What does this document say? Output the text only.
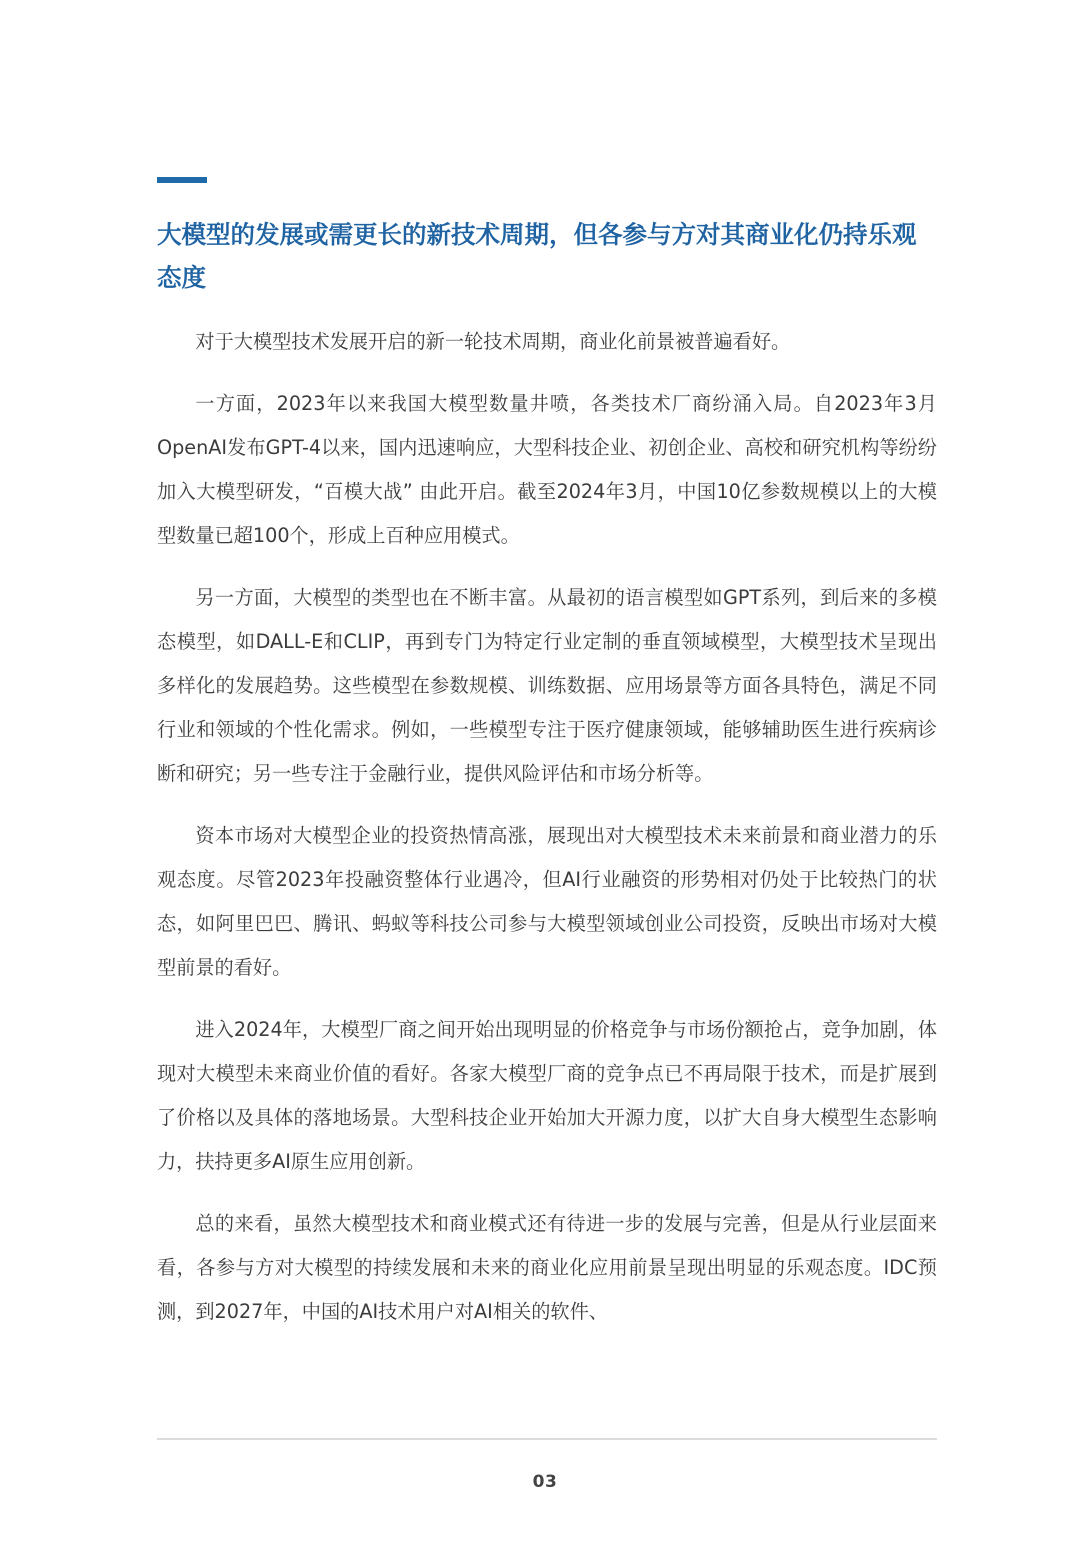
大模型的发展或需更长的新技术周期，但各参与方对其商业化仍持乐观态度

对于大模型技术发展开启的新一轮技术周期，商业化前景被普遍看好。

一方面，2023年以来我国大模型数量井喷，各类技术厂商纷涌入局。自2023年3月OpenAI发布GPT-4以来，国内迅速响应，大型科技企业、初创企业、高校和研究机构等纷纷加入大模型研发，“百模大战” 由此开启。截至2024年3月，中国10亿参数规模以上的大模型数量已超100个，形成上百种应用模式。

另一方面，大模型的类型也在不断丰富。从最初的语言模型如GPT系列，到后来的多模态模型，如DALL-E和CLIP，再到专门为特定行业定制的垂直领域模型，大模型技术呈现出多样化的发展趋势。这些模型在参数规模、训练数据、应用场景等方面各具特色，满足不同行业和领域的个性化需求。例如，一些模型专注于医疗健康领域，能够辅助医生进行疾病诊断和研究；另一些专注于金融行业，提供风险评估和市场分析等。

资本市场对大模型企业的投资热情高涨，展现出对大模型技术未来前景和商业潜力的乐观态度。尽管2023年投融资整体行业遇冷，但AI行业融资的形势相对仍处于比较热门的状态，如阿里巴巴、腾讯、蚂蚁等科技公司参与大模型领域创业公司投资，反映出市场对大模型前景的看好。

进入2024年，大模型厂商之间开始出现明显的价格竞争与市场份额抢占，竞争加剧，体现对大模型未来商业价值的看好。各家大模型厂商的竞争点已不再局限于技术，而是扩展到了价格以及具体的落地场景。大型科技企业开始加大开源力度，以扩大自身大模型生态影响力，扶持更多AI原生应用创新。

总的来看，虽然大模型技术和商业模式还有待进一步的发展与完善，但是从行业层面来看，各参与方对大模型的持续发展和未来的商业化应用前景呈现出明显的乐观态度。IDC预测，到2027年，中国的AI技术用户对AI相关的软件、

03
